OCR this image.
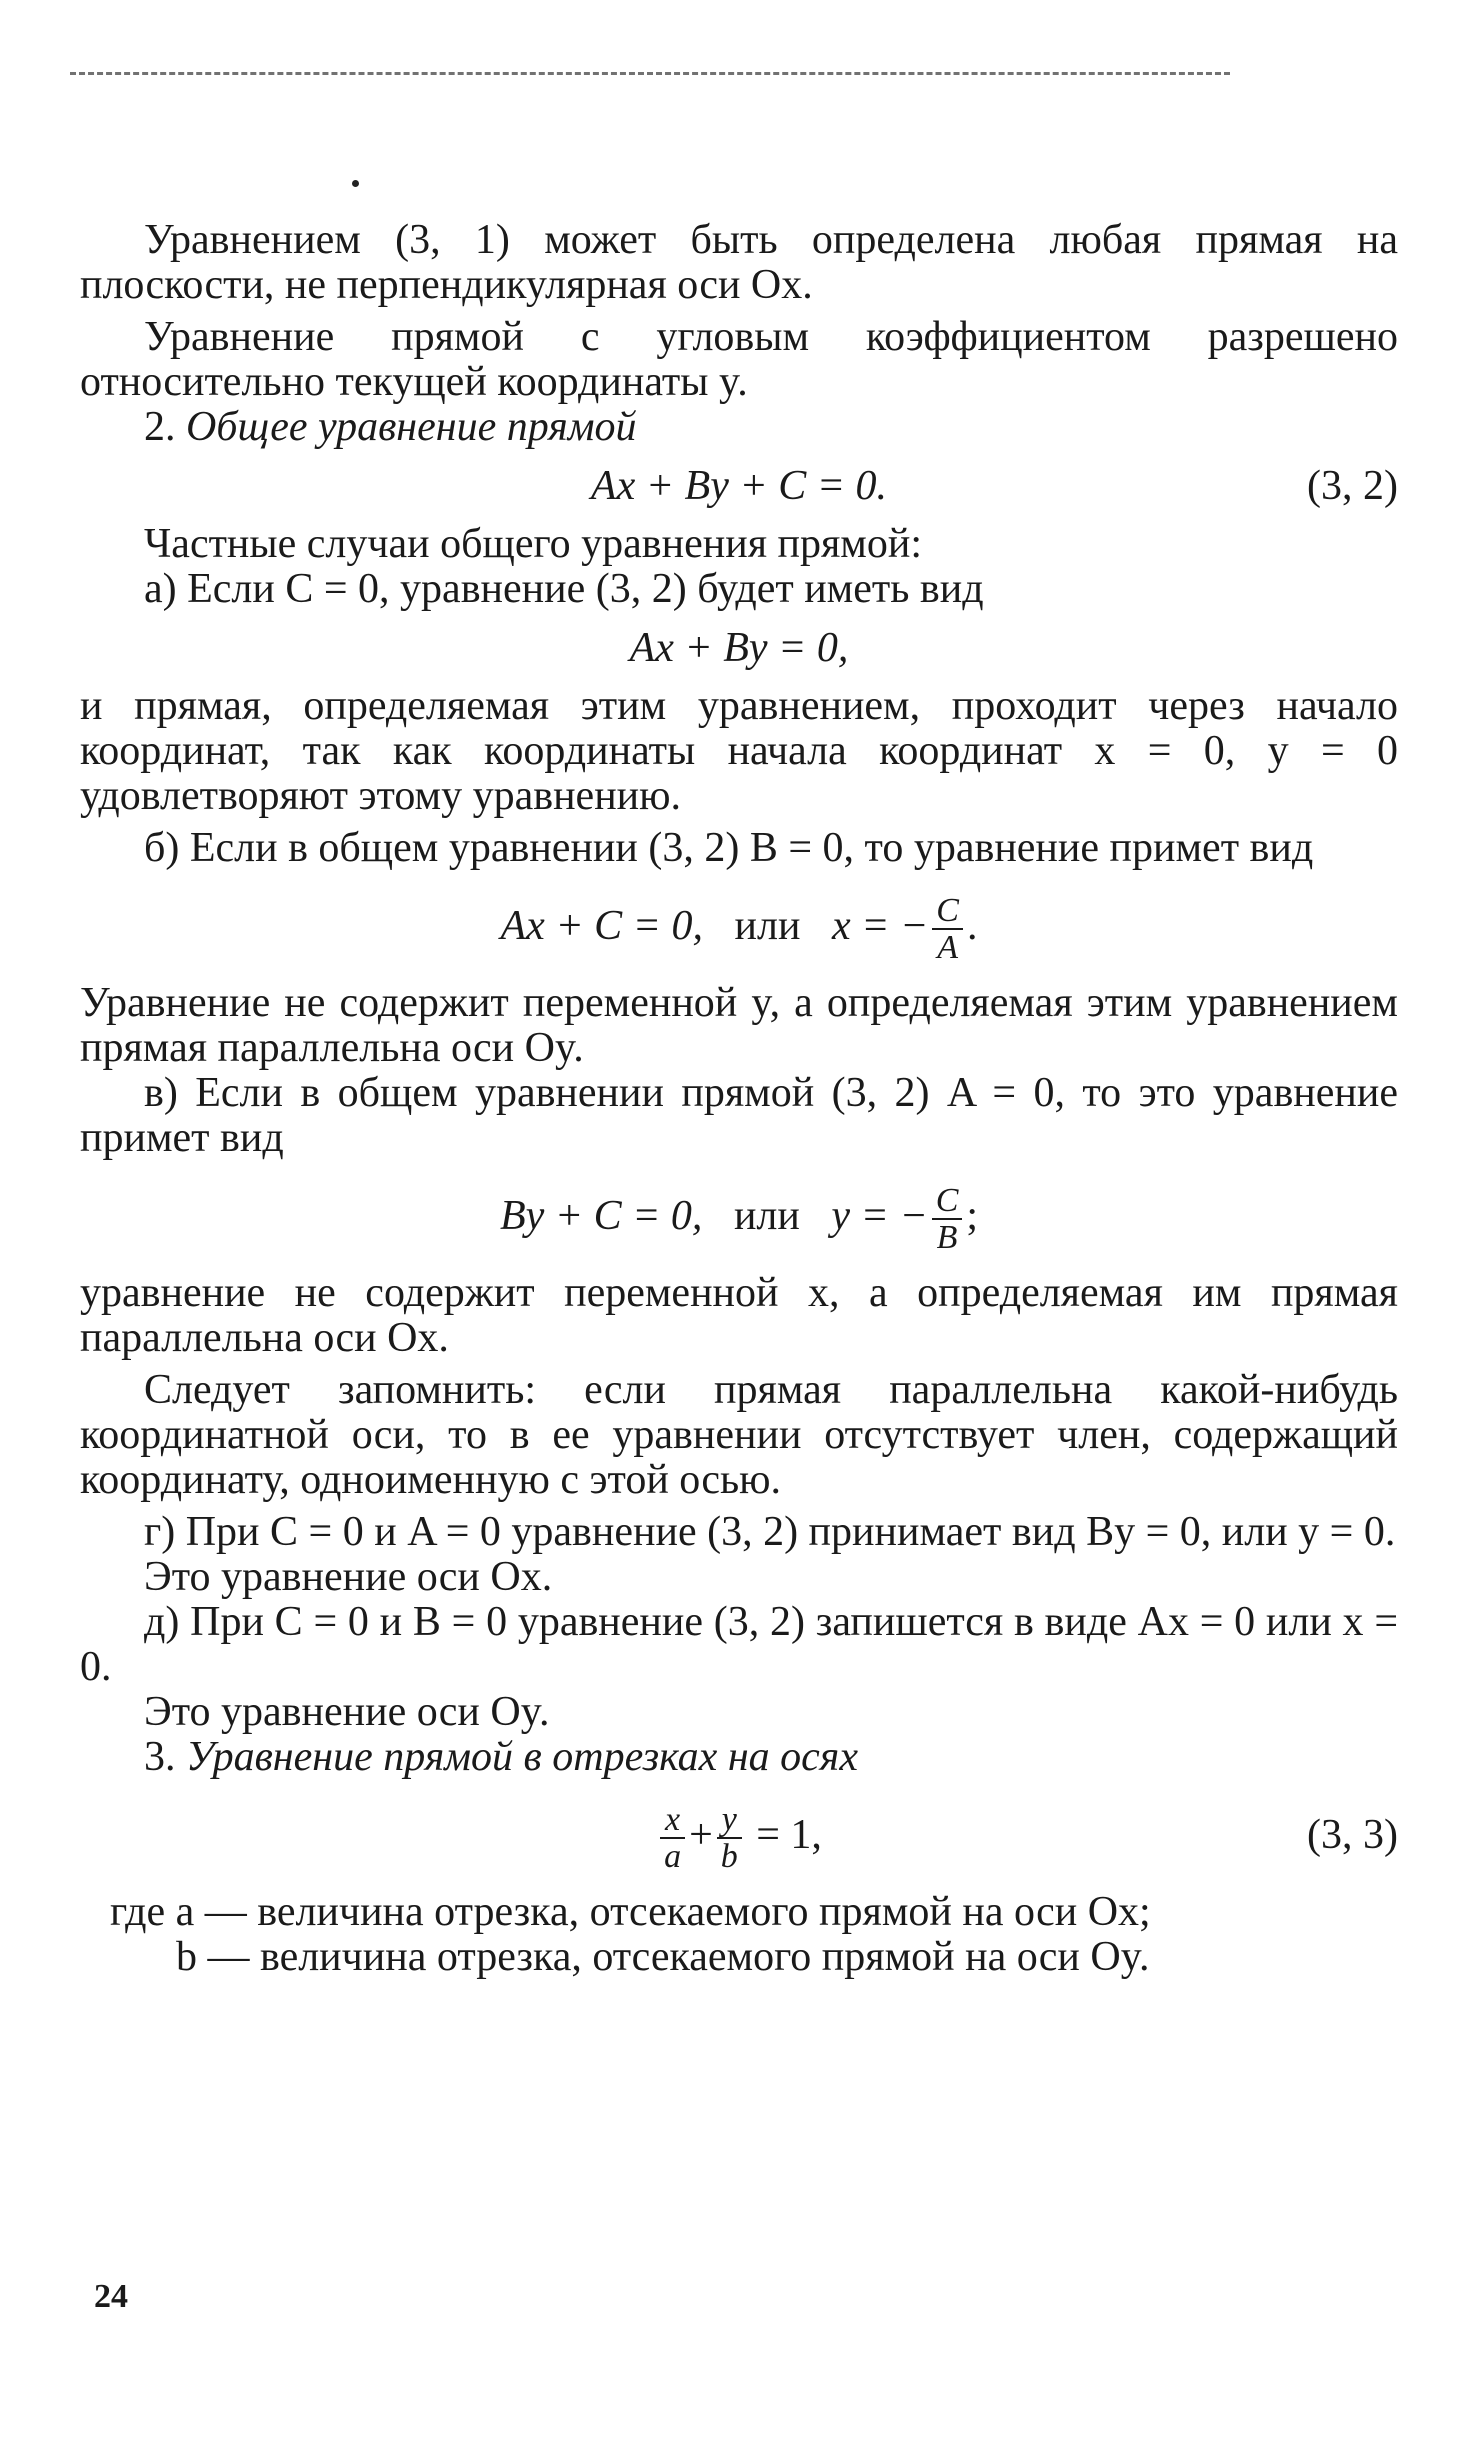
Уравнением (3, 1) может быть определена любая прямая на плоскости, не перпендикулярная оси Ox.

Уравнение прямой с угловым коэффициентом разрешено относительно текущей координаты y.

2. Общее уравнение прямой

Ax + By + C = 0.	(3, 2)

Частные случаи общего уравнения прямой:

а) Если C = 0, уравнение (3, 2) будет иметь вид

Ax + By = 0,

и прямая, определяемая этим уравнением, проходит через начало координат, так как координаты начала координат x = 0, y = 0 удовлетворяют этому уравнению.

б) Если в общем уравнении (3, 2) B = 0, то уравнение примет вид

Ax + C = 0, или x = − $\frac{C}{A}$ .

Уравнение не содержит переменной y, а определяемая этим уравнением прямая параллельна оси Oy.

в) Если в общем уравнении прямой (3, 2) A = 0, то это уравнение примет вид

By + C = 0, или y = − $\frac{C}{B}$ ;

уравнение не содержит переменной x, а определяемая им прямая параллельна оси Ox.

Следует запомнить: если прямая параллельна какой-нибудь координатной оси, то в ее уравнении отсутствует член, содержащий координату, одноименную с этой осью.

г) При C = 0 и A = 0 уравнение (3, 2) принимает вид By = 0, или y = 0.

Это уравнение оси Ox.

д) При C = 0 и B = 0 уравнение (3, 2) запишется в виде Ax = 0 или x = 0.

Это уравнение оси Oy.

3. Уравнение прямой в отрезках на осях

$\frac{x}{a} + \frac{y}{b} = 1$,	(3, 3)

где a — величина отрезка, отсекаемого прямой на оси Ox;

b — величина отрезка, отсекаемого прямой на оси Oy.

24
